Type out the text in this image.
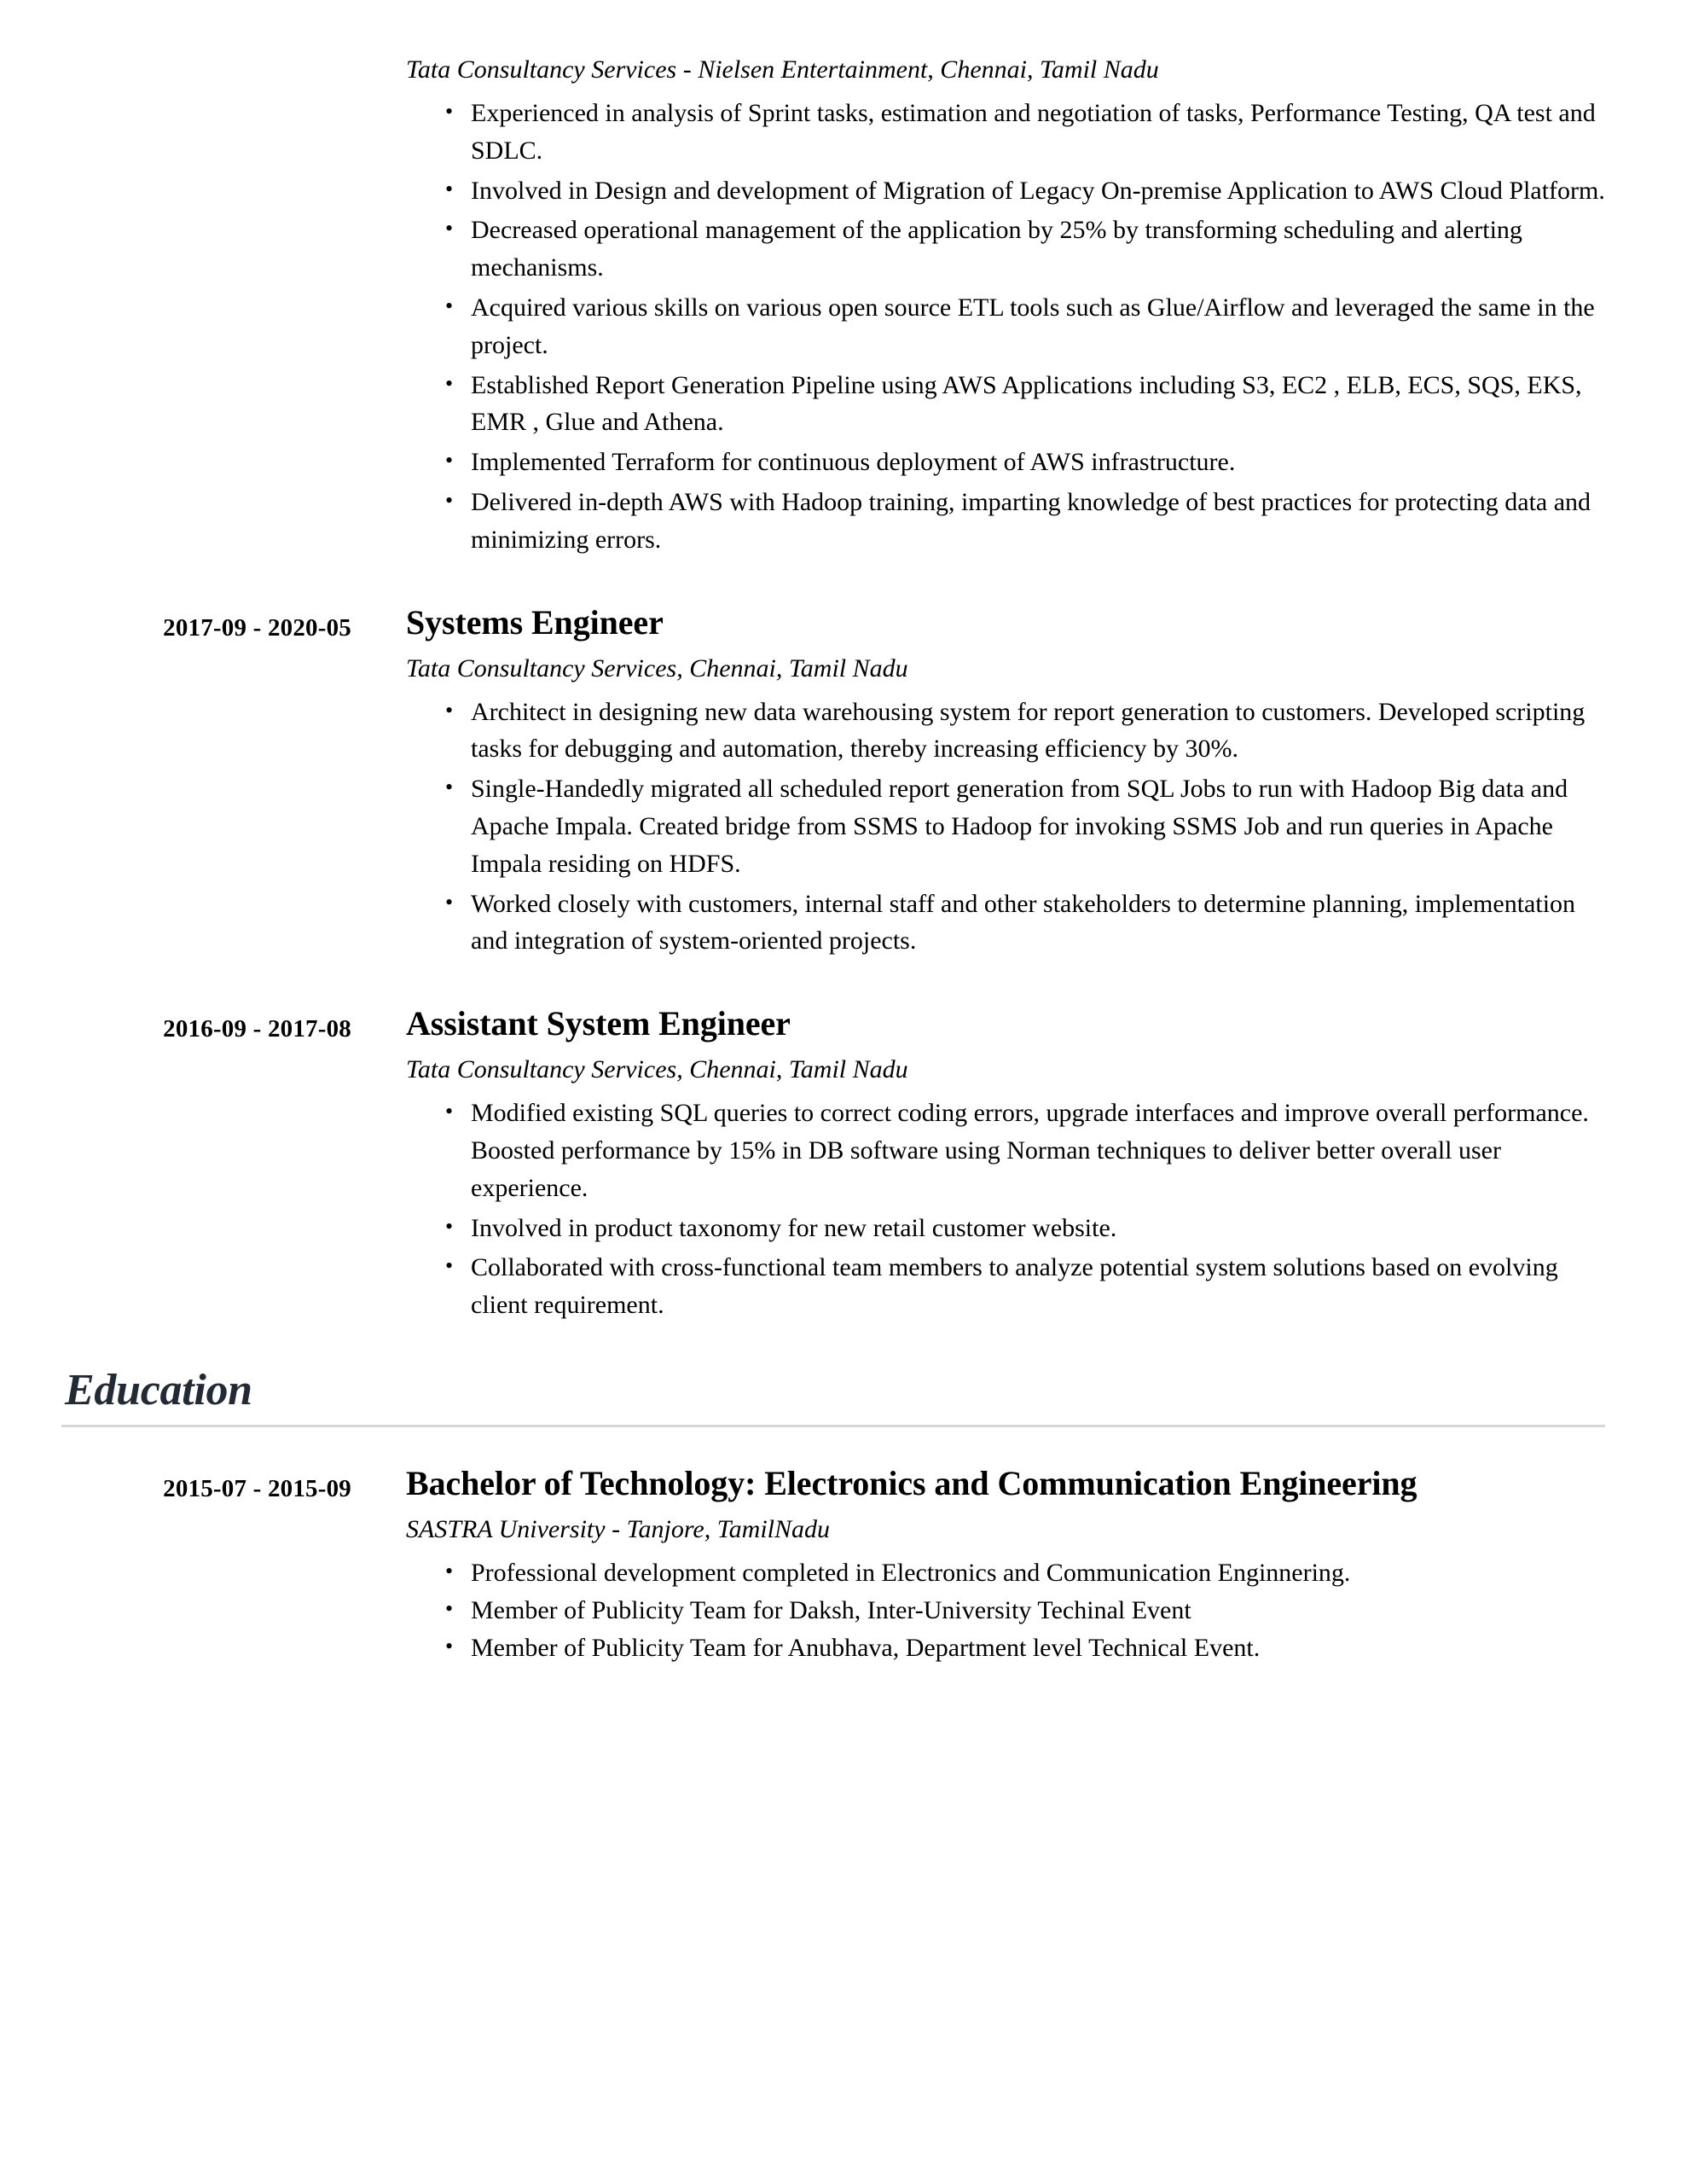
Tata Consultancy Services - Nielsen Entertainment, Chennai, Tamil Nadu
• Experienced in analysis of Sprint tasks, estimation and negotiation of tasks, Performance Testing, QA test and SDLC.
• Involved in Design and development of Migration of Legacy On-premise Application to AWS Cloud Platform.
• Decreased operational management of the application by 25% by transforming scheduling and alerting mechanisms.
• Acquired various skills on various open source ETL tools such as Glue/Airflow and leveraged the same in the project.
• Established Report Generation Pipeline using AWS Applications including S3, EC2 , ELB, ECS, SQS, EKS, EMR , Glue and Athena.
• Implemented Terraform for continuous deployment of AWS infrastructure.
• Delivered in-depth AWS with Hadoop training, imparting knowledge of best practices for protecting data and minimizing errors.
2017-09 - 2020-05 Systems Engineer
Tata Consultancy Services, Chennai, Tamil Nadu
• Architect in designing new data warehousing system for report generation to customers. Developed scripting tasks for debugging and automation, thereby increasing efficiency by 30%.
• Single-Handedly migrated all scheduled report generation from SQL Jobs to run with Hadoop Big data and Apache Impala. Created bridge from SSMS to Hadoop for invoking SSMS Job and run queries in Apache Impala residing on HDFS.
• Worked closely with customers, internal staff and other stakeholders to determine planning, implementation and integration of system-oriented projects.
2016-09 - 2017-08 Assistant System Engineer
Tata Consultancy Services, Chennai, Tamil Nadu
• Modified existing SQL queries to correct coding errors, upgrade interfaces and improve overall performance. Boosted performance by 15% in DB software using Norman techniques to deliver better overall user experience.
• Involved in product taxonomy for new retail customer website.
• Collaborated with cross-functional team members to analyze potential system solutions based on evolving client requirement.
Education
2015-07 - 2015-09 Bachelor of Technology: Electronics and Communication Engineering
SASTRA University - Tanjore, TamilNadu
• Professional development completed in Electronics and Communication Enginnering.
• Member of Publicity Team for Daksh, Inter-University Techinal Event
• Member of Publicity Team for Anubhava, Department level Technical Event.
